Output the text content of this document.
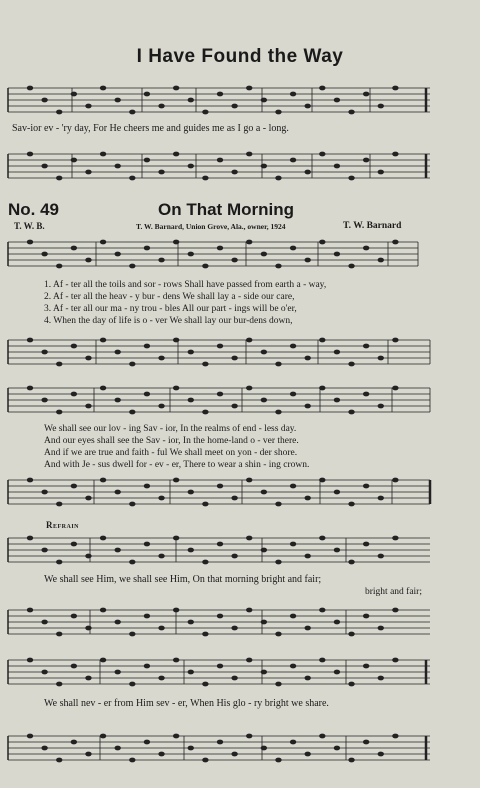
I Have Found the Way
Sav-ior ev - 'ry day, For He cheers me and guides me as I go a - long.
No. 49	On That Morning
T. W. B.	T. W. Barnard, Union Grove, Ala., owner, 1924	T. W. Barnard
1. Af - ter all the toils and sor - rows Shall have passed from earth a - way,
2. Af - ter all the heav - y bur - dens We shall lay a - side our care,
3. Af - ter all our ma - ny trou - bles All our part - ings will be o'er,
4. When the day of life is o - ver We shall lay our bur-dens down,
We shall see our lov - ing Sav - ior, In the realms of end - less day.
And our eyes shall see the Sav - ior, In the home-land o - ver there.
And if we are true and faith - ful We shall meet on yon - der shore.
And with Je - sus dwell for - ev - er, There to wear a shin - ing crown.
Refrain
We shall see Him, we shall see Him, On that morning bright and fair;
bright and fair;
We shall nev - er from Him sev - er, When His glo - ry bright we share.
